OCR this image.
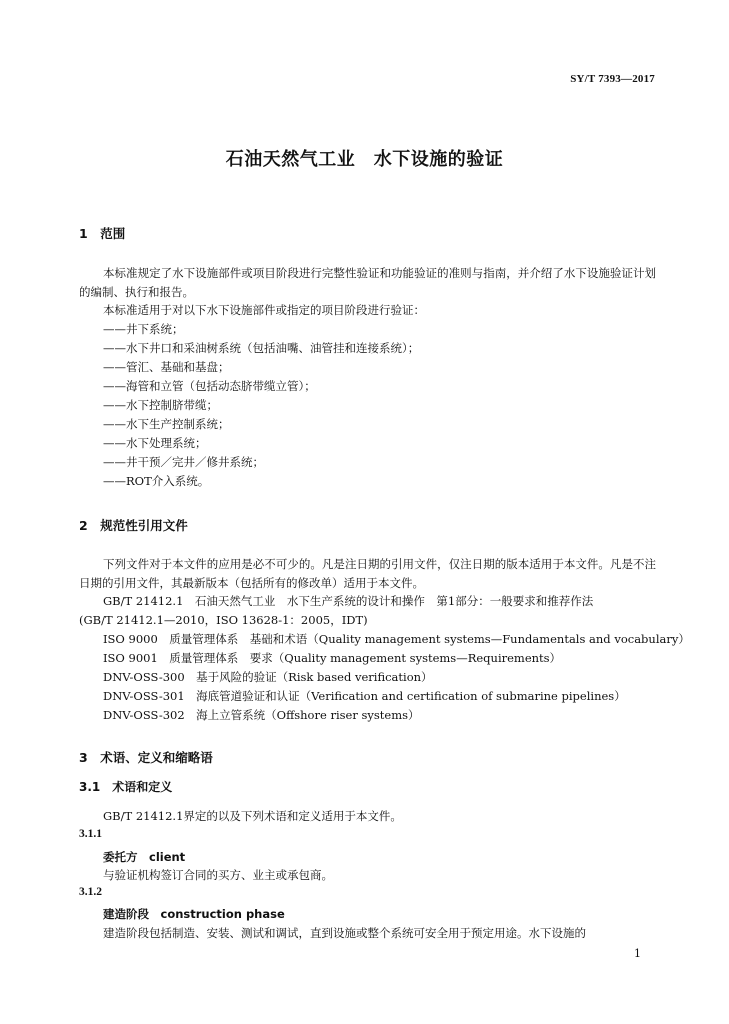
SY/T 7393—2017
石油天然气工业　水下设施的验证
1　范围
本标准规定了水下设施部件或项目阶段进行完整性验证和功能验证的准则与指南，并介绍了水下设施验证计划的编制、执行和报告。
本标准适用于对以下水下设施部件或指定的项目阶段进行验证：
——井下系统；
——水下井口和采油树系统（包括油嘴、油管挂和连接系统）；
——管汇、基础和基盘；
——海管和立管（包括动态脐带缆立管）；
——水下控制脐带缆；
——水下生产控制系统；
——水下处理系统；
——井干预／完井／修井系统；
——ROT介入系统。
2　规范性引用文件
下列文件对于本文件的应用是必不可少的。凡是注日期的引用文件，仅注日期的版本适用于本文件。凡是不注日期的引用文件，其最新版本（包括所有的修改单）适用于本文件。
GB/T 21412.1　石油天然气工业　水下生产系统的设计和操作　第1部分：一般要求和推荐作法
(GB/T 21412.1—2010，ISO 13628-1：2005，IDT)
ISO 9000　质量管理体系　基础和术语（Quality management systems—Fundamentals and vocabulary）
ISO 9001　质量管理体系　要求（Quality management systems—Requirements）
DNV-OSS-300　基于风险的验证（Risk based verification）
DNV-OSS-301　海底管道验证和认证（Verification and certification of submarine pipelines）
DNV-OSS-302　海上立管系统（Offshore riser systems）
3　术语、定义和缩略语
3.1　术语和定义
GB/T 21412.1界定的以及下列术语和定义适用于本文件。
3.1.1
委托方　client
与验证机构签订合同的买方、业主或承包商。
3.1.2
建造阶段　construction phase
建造阶段包括制造、安装、测试和调试，直到设施或整个系统可安全用于预定用途。水下设施的
1
